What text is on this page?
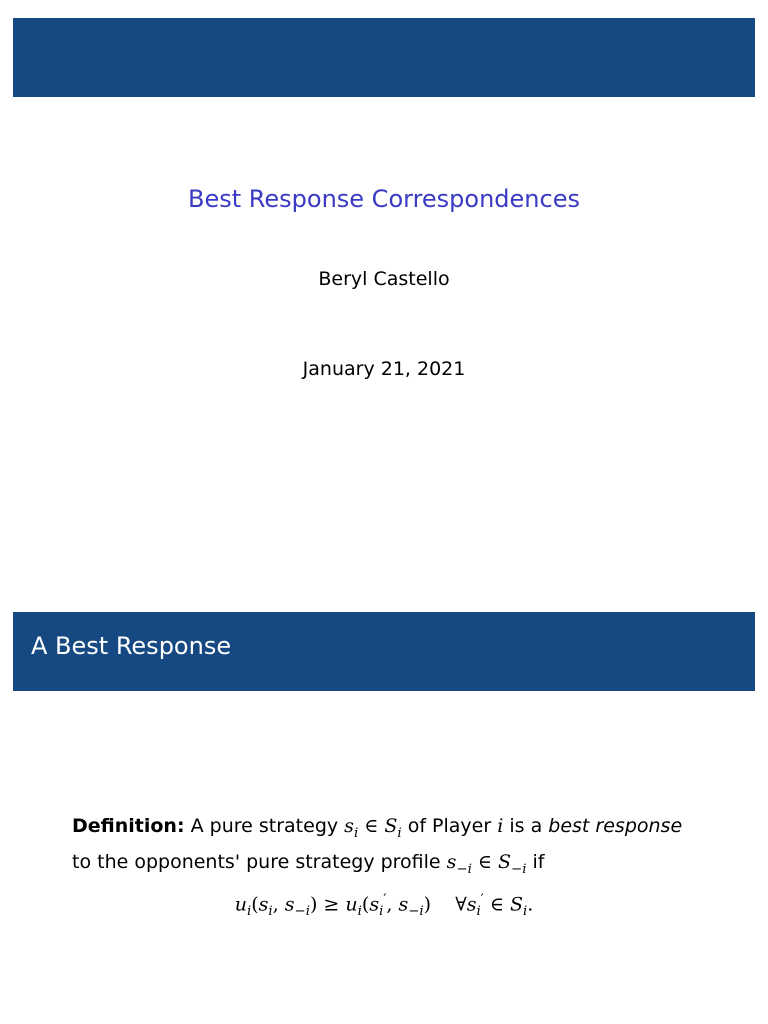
Best Response Correspondences
Beryl Castello
January 21, 2021
A Best Response
Definition: A pure strategy $s_i$ ∈ $S_i$ of Player i is a best response
to the opponents' pure strategy profile $s_{-i}$ ∈ $S_{-i}$ if
$u_i(s_i$, $s_{-i}) \ge u_i(s_i'$, $s_{-i}$)    $\forall s_i'$ ∈ $S_i$.
